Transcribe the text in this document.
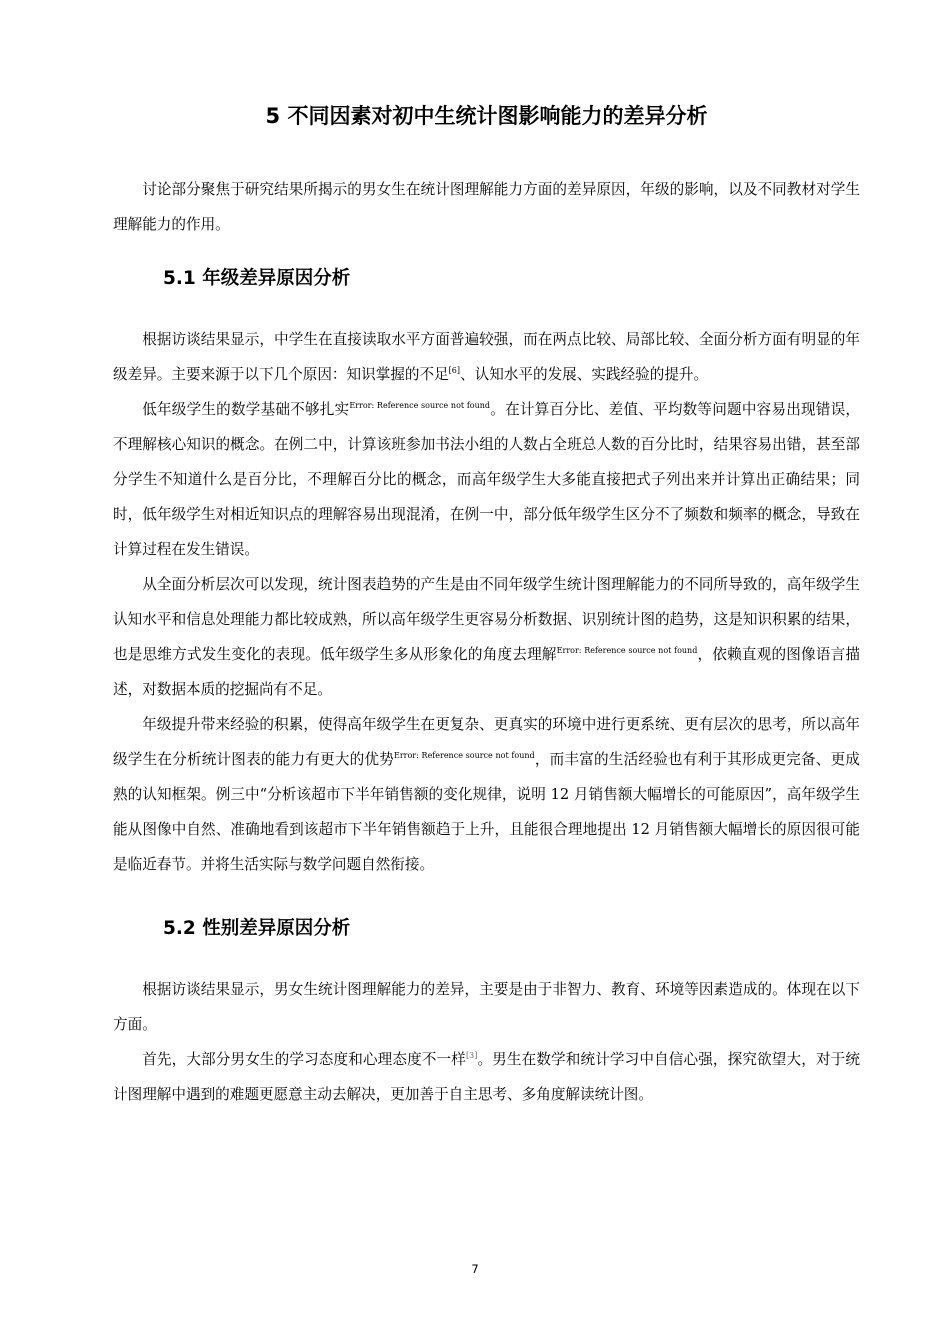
5 不同因素对初中生统计图影响能力的差异分析

讨论部分聚焦于研究结果所揭示的男女生在统计图理解能力方面的差异原因，年级的影响，以及不同教材对学生理解能力的作用。

5.1 年级差异原因分析

根据访谈结果显示，中学生在直接读取水平方面普遍较强，而在两点比较、局部比较、全面分析方面有明显的年级差异。主要来源于以下几个原因：知识掌握的不足[6]、认知水平的发展、实践经验的提升。

低年级学生的数学基础不够扎实$^{Error: Reference source not found}$。在计算百分比、差值、平均数等问题中容易出现错误，不理解核心知识的概念。在例二中，计算该班参加书法小组的人数占全班总人数的百分比时，结果容易出错，甚至部分学生不知道什么是百分比，不理解百分比的概念，而高年级学生大多能直接把式子列出来并计算出正确结果；同时，低年级学生对相近知识点的理解容易出现混淆，在例一中，部分低年级学生区分不了频数和频率的概念，导致在计算过程在发生错误。

从全面分析层次可以发现，统计图表趋势的产生是由不同年级学生统计图理解能力的不同所导致的，高年级学生认知水平和信息处理能力都比较成熟，所以高年级学生更容易分析数据、识别统计图的趋势，这是知识积累的结果，也是思维方式发生变化的表现。低年级学生多从形象化的角度去理解$^{Error: Reference source not found}$，依赖直观的图像语言描述，对数据本质的挖掘尚有不足。

年级提升带来经验的积累，使得高年级学生在更复杂、更真实的环境中进行更系统、更有层次的思考，所以高年级学生在分析统计图表的能力有更大的优势$^{Error: Reference source not found}$，而丰富的生活经验也有利于其形成更完备、更成熟的认知框架。例三中“分析该超市下半年销售额的变化规律，说明 12 月销售额大幅增长的可能原因”，高年级学生能从图像中自然、准确地看到该超市下半年销售额趋于上升，且能很合理地提出 12 月销售额大幅增长的原因很可能是临近春节。并将生活实际与数学问题自然衔接。

5.2 性别差异原因分析

根据访谈结果显示，男女生统计图理解能力的差异，主要是由于非智力、教育、环境等因素造成的。体现在以下方面。

首先，大部分男女生的学习态度和心理态度不一样[3]。男生在数学和统计学习中自信心强，探究欲望大，对于统计图理解中遇到的难题更愿意主动去解决，更加善于自主思考、多角度解读统计图。

7
